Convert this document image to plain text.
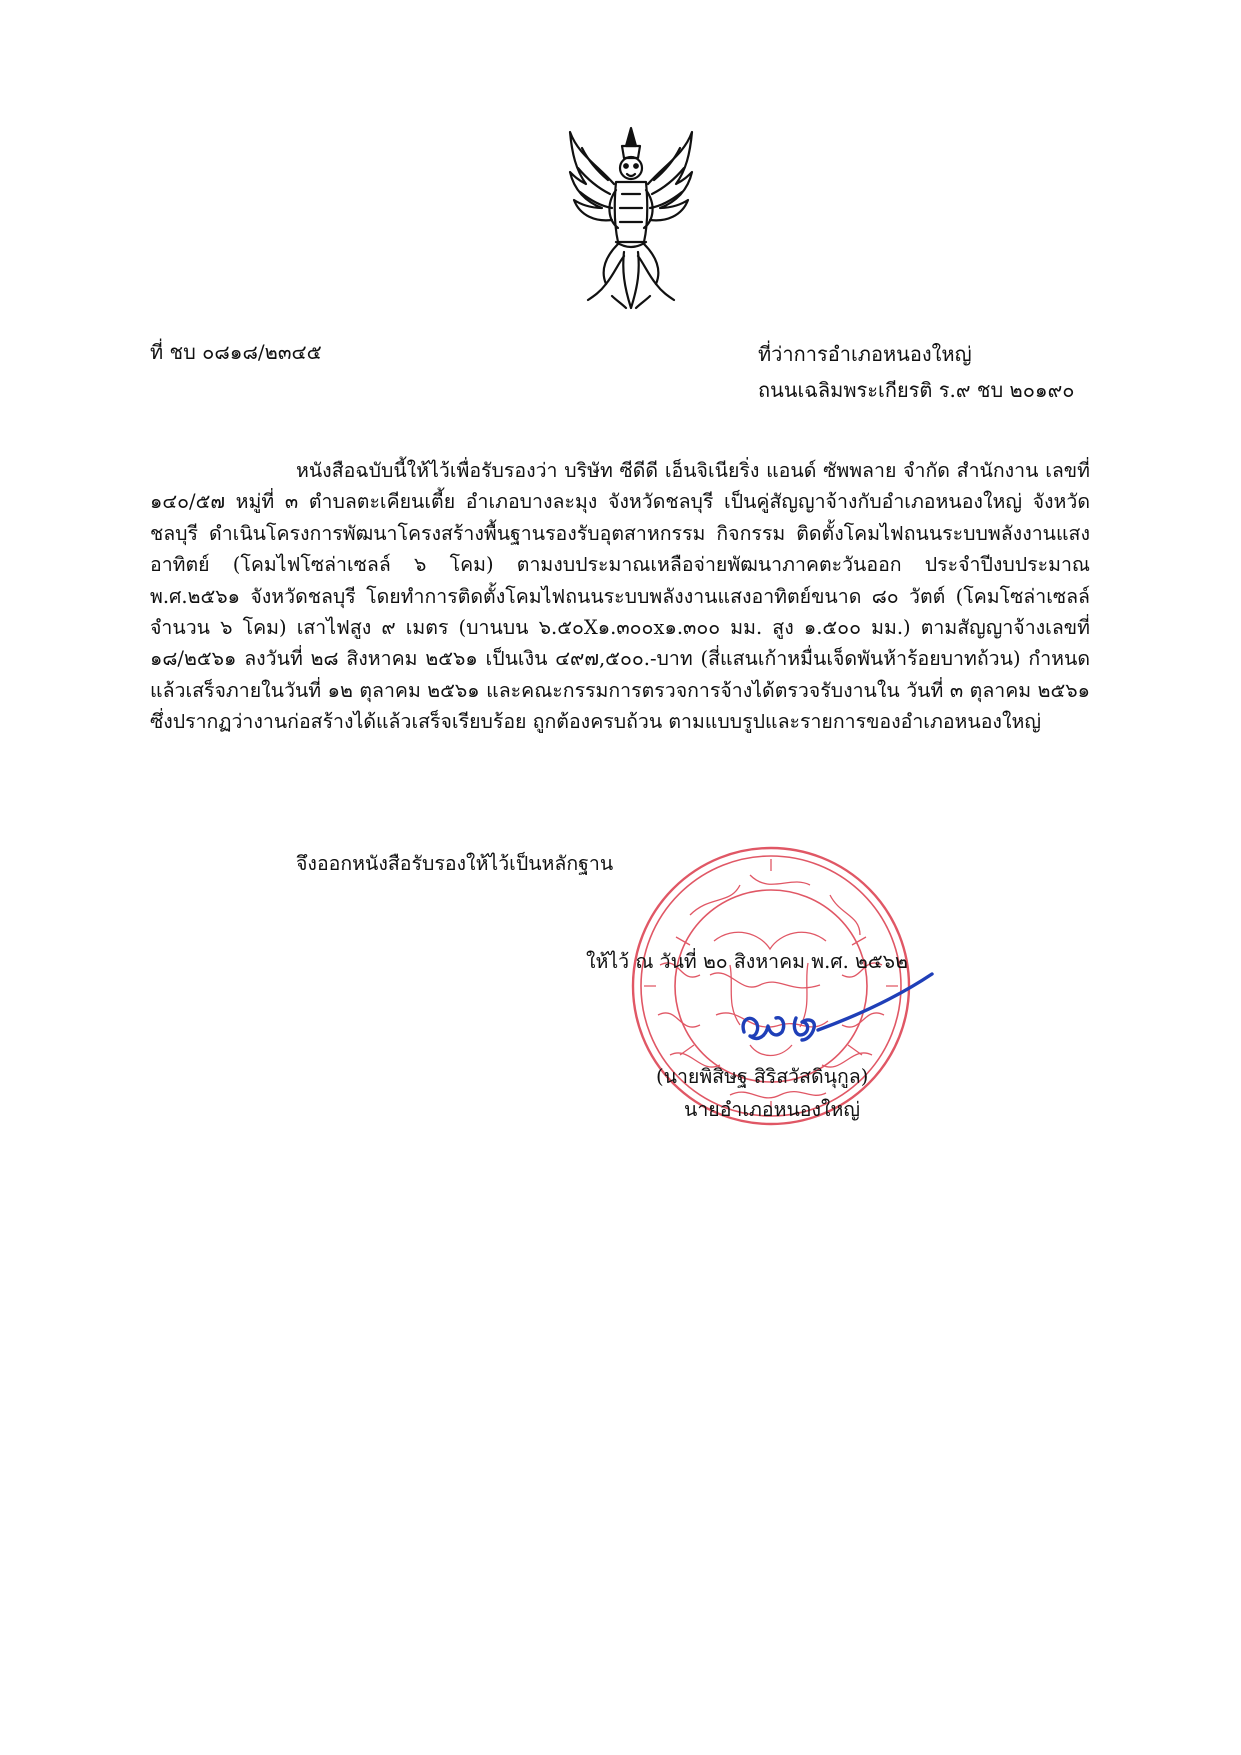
ที่ ชบ ๐๘๑๘/๒๓๔๕	ที่ว่าการอำเภอหนองใหญ่
ถนนเฉลิมพระเกียรติ ร.๙ ชบ ๒๐๑๙๐

หนังสือฉบับนี้ให้ไว้เพื่อรับรองว่า บริษัท ซีดีดี เอ็นจิเนียริ่ง แอนด์ ซัพพลาย จำกัด สำนักงาน เลขที่ ๑๔๐/๕๗ หมู่ที่ ๓ ตำบลตะเคียนเตี้ย อำเภอบางละมุง จังหวัดชลบุรี เป็นคู่สัญญาจ้างกับอำเภอหนองใหญ่ จังหวัดชลบุรี ดำเนินโครงการพัฒนาโครงสร้างพื้นฐานรองรับอุตสาหกรรม กิจกรรม ติดตั้งโคมไฟถนนระบบพลังงานแสงอาทิตย์ (โคมไฟโซล่าเซลล์ ๖ โคม) ตามงบประมาณเหลือจ่ายพัฒนาภาคตะวันออก ประจำปีงบประมาณ พ.ศ.๒๕๖๑ จังหวัดชลบุรี โดยทำการติดตั้งโคมไฟถนนระบบพลังงานแสงอาทิตย์ขนาด ๘๐ วัตต์ (โคมโซล่าเซลล์ จำนวน ๖ โคม) เสาไฟสูง ๙ เมตร (บานบน ๖.๕๐X๑.๓๐๐x๑.๓๐๐ มม. สูง ๑.๕๐๐ มม.) ตามสัญญาจ้างเลขที่ ๑๘/๒๕๖๑ ลงวันที่ ๒๘ สิงหาคม ๒๕๖๑ เป็นเงิน ๔๙๗,๕๐๐.-บาท (สี่แสนเก้าหมื่นเจ็ดพันห้าร้อยบาทถ้วน) กำหนดแล้วเสร็จภายในวันที่ ๑๒ ตุลาคม ๒๕๖๑ และคณะกรรมการตรวจการจ้างได้ตรวจรับงานใน วันที่ ๓ ตุลาคม ๒๕๖๑ ซึ่งปรากฏว่างานก่อสร้างได้แล้วเสร็จเรียบร้อย ถูกต้องครบถ้วน ตามแบบรูปและรายการของอำเภอหนองใหญ่

จึงออกหนังสือรับรองให้ไว้เป็นหลักฐาน
ให้ไว้ ณ วันที่ ๒๐ สิงหาคม พ.ศ. ๒๕๖๒
(นายพิสิษฐ สิริสวัสดินุกูล)
นายอำเภอหนองใหญ่
